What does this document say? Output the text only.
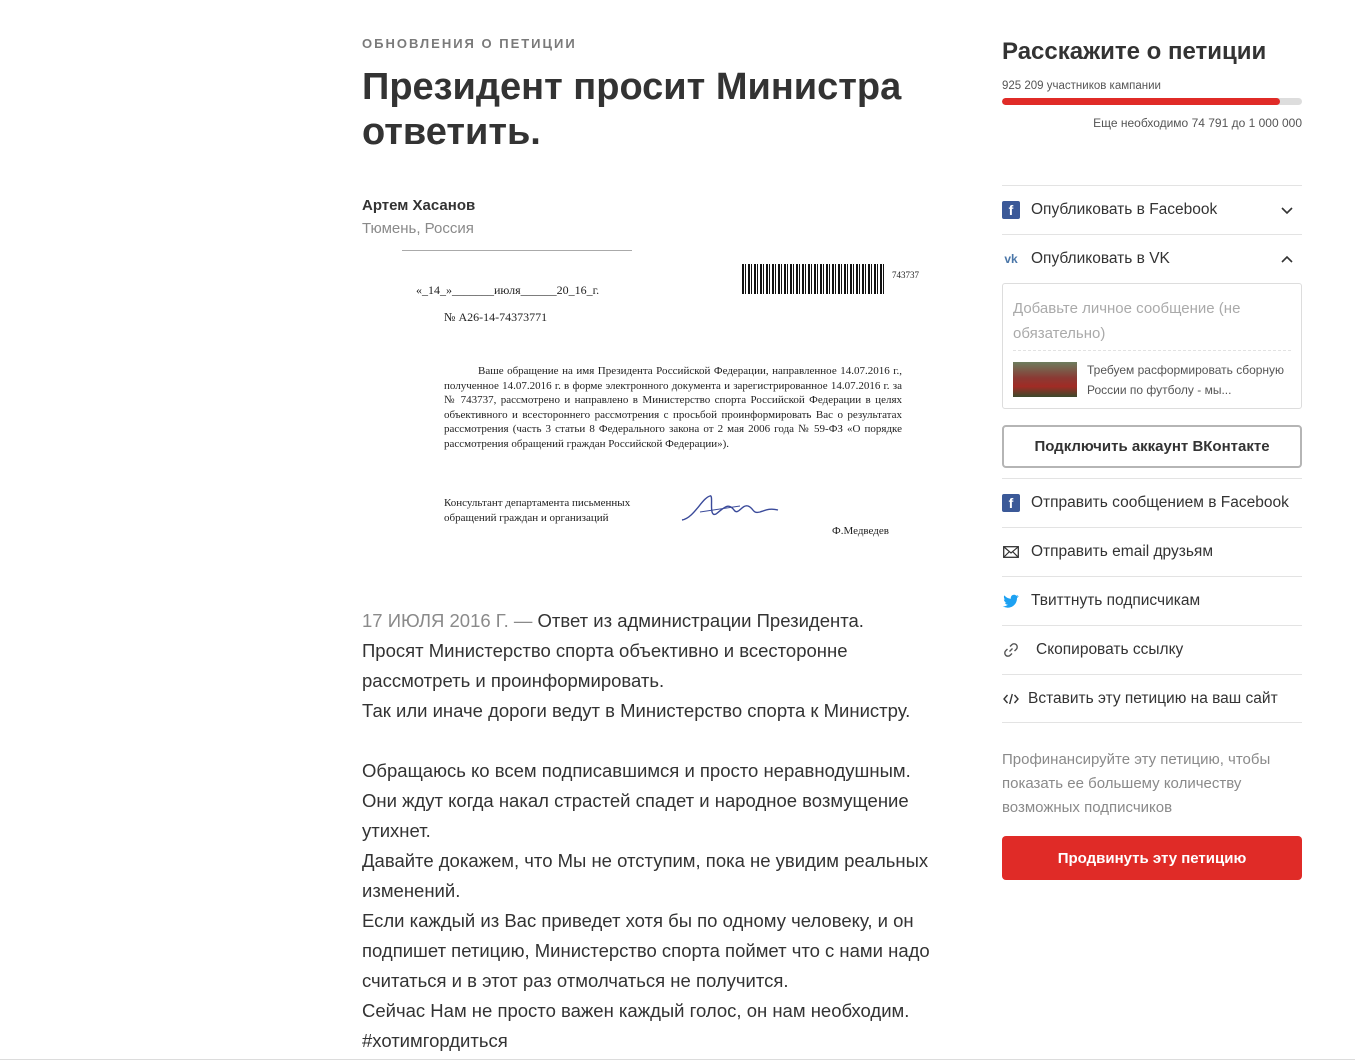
ОБНОВЛЕНИЯ О ПЕТИЦИИ
Президент просит Министра ответить.
Артем Хасанов
Тюмень, Россия
«_14_»_______июля______20_16_г.
№ А26-14-74373771
743737
Ваше обращение на имя Президента Российской Федерации, направленное 14.07.2016 г., полученное 14.07.2016 г. в форме электронного документа и зарегистрированное 14.07.2016 г. за № 743737, рассмотрено и направлено в Министерство спорта Российской Федерации в целях объективного и всестороннего рассмотрения с просьбой проинформировать Вас о результатах рассмотрения (часть 3 статьи 8 Федерального закона от 2 мая 2006 года № 59-ФЗ «О порядке рассмотрения обращений граждан Российской Федерации»).
Консультант департамента письменных обращений граждан и организаций
Ф.Медведев

17 ИЮЛЯ 2016 Г. — Ответ из администрации Президента.

Просят Министерство спорта объективно и всесторонне рассмотреть и проинформировать.

Так или иначе дороги ведут в Министерство спорта к Министру.

Обращаюсь ко всем подписавшимся и просто неравнодушным.

Они ждут когда накал страстей спадет и народное возмущение утихнет.

Давайте докажем, что Мы не отступим, пока не увидим реальных изменений.

Если каждый из Вас приведет хотя бы по одному человеку, и он подпишет петицию, Министерство спорта поймет что с нами надо считаться и в этот раз отмолчаться не получится.

Сейчас Нам не просто важен каждый голос, он нам необходим.

#хотимгордиться

Расскажите о петиции
925 209 участников кампании
Еще необходимо 74 791 до 1 000 000
f	Опубликовать в Facebook
vk Опубликовать в VK
Добавьте личное сообщение (не обязательно)
Требуем расформировать сборную России по футболу - мы...
Подключить аккаунт ВКонтакте
f	Отправить сообщением в Facebook
Отправить email друзьям
Твиттнуть подписчикам
Скопировать ссылку
Вставить эту петицию на ваш сайт

Профинансируйте эту петицию, чтобы показать ее большему количеству возможных подписчиков

Продвинуть эту петицию
